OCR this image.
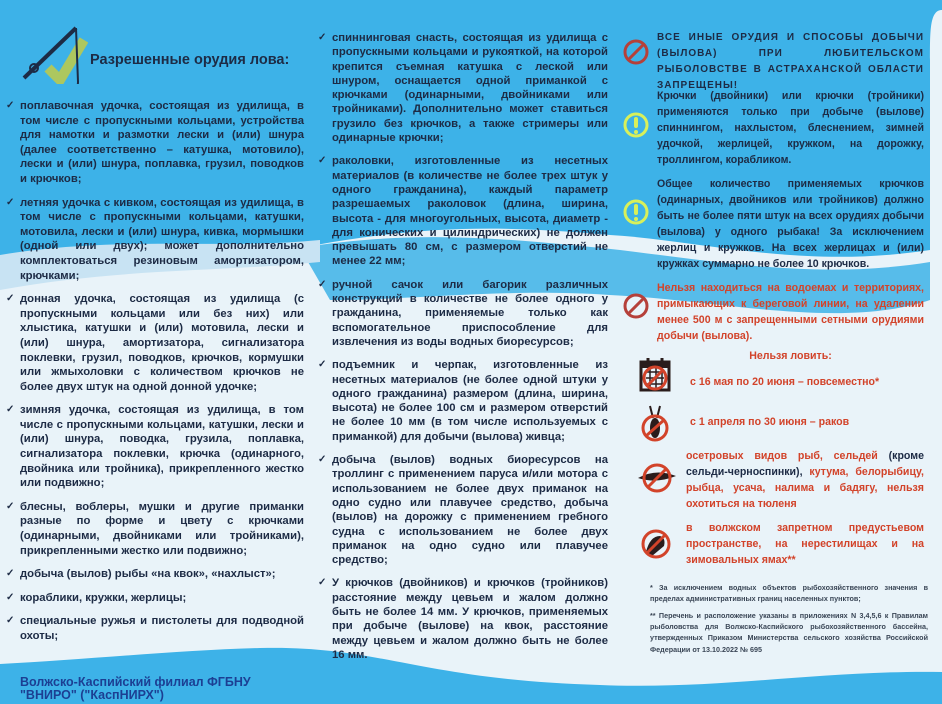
Разрешенные орудия лова:
✓ поплавочная удочка, состоящая из удилища, в том числе с пропускными кольцами, устройства для намотки и размотки лески и (или) шнура (далее соответственно – катушка, мотовило), лески и (или) шнура, поплавка, грузил, поводков и крючков;
✓ летняя удочка с кивком, состоящая из удилища, в том числе с пропускными кольцами, катушки, мотовила, лески и (или) шнура, кивка, мормышки (одной или двух); может дополнительно комплектоваться резиновым амортизатором, крючками;
✓ донная удочка, состоящая из удилища (с пропускными кольцами или без них) или хлыстика, катушки и (или) мотовила, лески и (или) шнура, амортизатора, сигнализатора поклевки, грузил, поводков, крючков, кормушки или жмыхоловки с количеством крючков не более двух штук на одной донной удочке;
✓ зимняя удочка, состоящая из удилища, в том числе с пропускными кольцами, катушки, лески и (или) шнура, поводка, грузила, поплавка, сигнализатора поклевки, крючка (одинарного, двойника или тройника), прикрепленного жестко или подвижно;
✓ блесны, воблеры, мушки и другие приманки разные по форме и цвету с крючками (одинарными, двойниками или тройниками), прикрепленными жестко или подвижно;
✓ добыча (вылов) рыбы «на квок», «нахлыст»;
✓ кораблики, кружки, жерлицы;
✓ специальные ружья и пистолеты для подводной охоты;
✓ спиннинговая снасть, состоящая из удилища с пропускными кольцами и рукояткой, на которой крепится съемная катушка с леской или шнуром, оснащается одной приманкой с крючками (одинарными, двойниками или тройниками). Дополнительно может ставиться грузило без крючков, а также стримеры или одинарные крючки;
✓ раколовки, изготовленные из несетных материалов (в количестве не более трех штук у одного гражданина), каждый параметр разрешаемых раколовок (длина, ширина, высота - для многоугольных, высота, диаметр - для конических и цилиндрических) не должен превышать 80 см, с размером отверстий не менее 22 мм;
✓ ручной сачок или багорик различных конструкций в количестве не более одного у гражданина, применяемые только как вспомогательное приспособление для извлечения из воды водных биоресурсов;
✓ подъемник и черпак, изготовленные из несетных материалов (не более одной штуки у одного гражданина) размером (длина, ширина, высота) не более 100 см и размером отверстий не более 10 мм (в том числе используемых с приманкой) для добычи (вылова) живца;
✓ добыча (вылов) водных биоресурсов на троллинг с применением паруса и/или мотора с использованием не более двух приманок на одно судно или плавучее средство, добыча (вылов) на дорожку с применением гребного судна с использованием не более двух приманок на одно судно или плавучее средство;
✓ У крючков (двойников) и крючков (тройников) расстояние между цевьем и жалом должно быть не более 14 мм. У крючков, применяемых при добыче (вылове) на квок, расстояние между цевьем и жалом должно быть не более 16 мм.
ВСЕ ИНЫЕ ОРУДИЯ И СПОСОБЫ ДОБЫЧИ (ВЫЛОВА) ПРИ ЛЮБИТЕЛЬСКОМ РЫБОЛОВСТВЕ В АСТРАХАНСКОЙ ОБЛАСТИ ЗАПРЕЩЕНЫ!
Крючки (двойники) или крючки (тройники) применяются только при добыче (вылове) спиннингом, нахлыстом, блеснением, зимней удочкой, жерлицей, кружком, на дорожку, троллингом, корабликом.
Общее количество применяемых крючков (одинарных, двойников или тройников) должно быть не более пяти штук на всех орудиях добычи (вылова) у одного рыбака! За исключением жерлиц и кружков. На всех жерлицах и (или) кружках суммарно не более 10 крючков.
Нельзя находиться на водоемах и территориях, примыкающих к береговой линии, на удалении менее 500 м с запрещенными сетными орудиями добычи (вылова).
Нельзя ловить:
с 16 мая по 20 июня – повсеместно*
с 1 апреля по 30 июня – раков
осетровых видов рыб, сельдей (кроме сельди-черноспинки), кутума, белорыбицу, рыбца, усача, налима и бадягу, нельзя охотиться на тюленя
в волжском запретном предустьевом пространстве, на нерестилищах и на зимовальных ямах**
* За исключением водных объектов рыбохозяйственного значения в пределах административных границ населенных пунктов;
** Перечень и расположение указаны в приложениях N 3,4,5,6 к Правилам рыболовства для Волжско-Каспийского рыбохозяйственного бассейна, утвержденных Приказом Министерства сельского хозяйства Российской Федерации от 13.10.2022 № 695
Волжско-Каспийский филиал ФГБНУ "ВНИРО" ("КаспНИРХ")
